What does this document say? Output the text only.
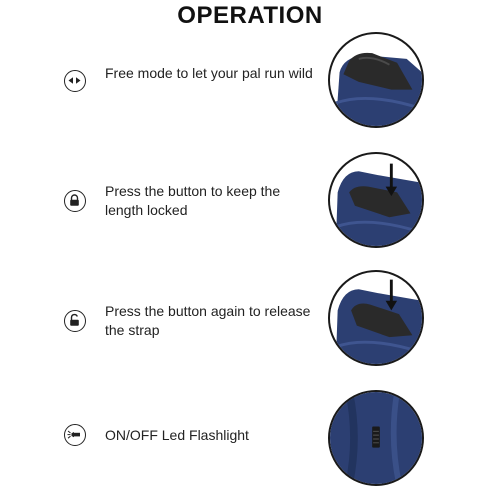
OPERATION
Free mode to let your pal run wild
Press the button to keep the length locked
Press the button again to release the strap
ON/OFF Led Flashlight
